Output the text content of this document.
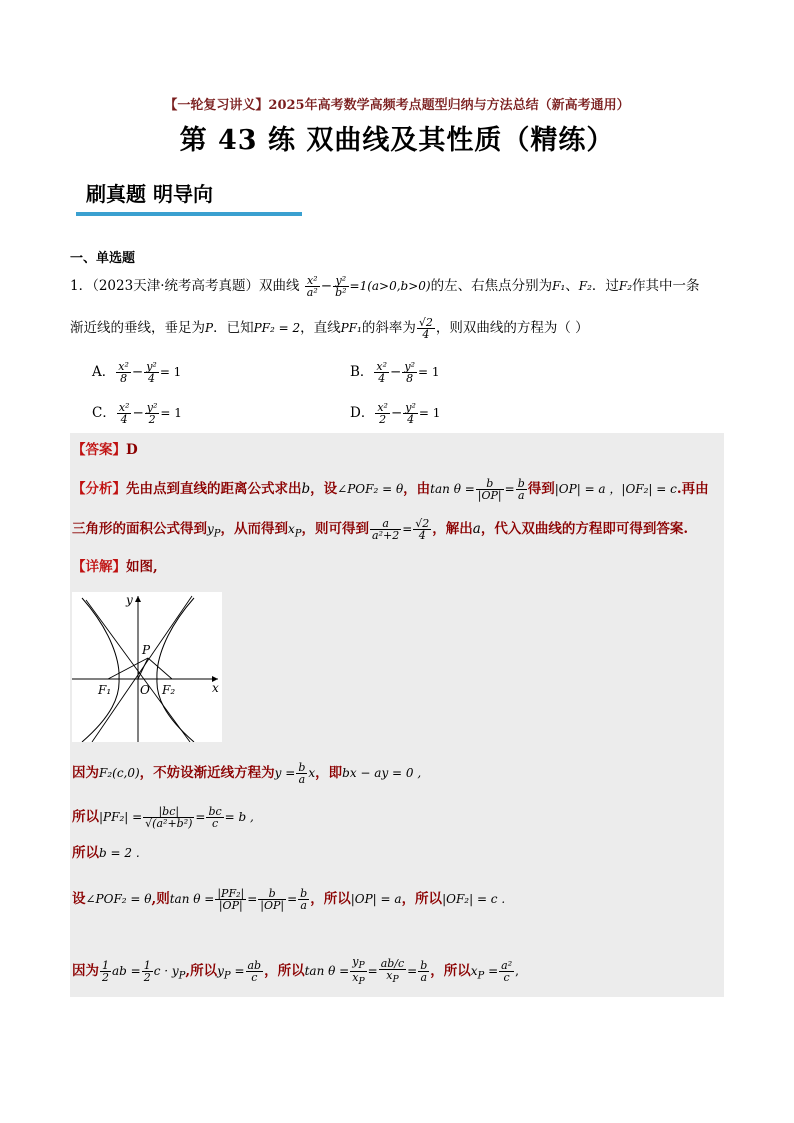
【一轮复习讲义】2025年高考数学高频考点题型归纳与方法总结（新高考通用）
第 43 练 双曲线及其性质（精练）
刷真题 明导向
一、单选题
1．（2023天津·统考高考真题）双曲线 $\frac{\text{x²}}{\text{a²}} - \frac{\text{y²}}{\text{b²}} =1(a>0,b>0)$的左、右焦点分别为F₁、F₂．过F₂作其中一条
渐近线的垂线，垂足为P．已知PF₂ = 2，直线PF₁的斜率为 $\frac{√2}{4}$ ，则双曲线的方程为（ ）
A． $\frac{\text{x²}}{8} - \frac{\text{y²}}{4} = 1$	B． $\frac{\text{x²}}{4} - \frac{\text{y²}}{8} = 1$
C． $\frac{\text{x²}}{4} - \frac{\text{y²}}{2} = 1$	D． $\frac{\text{x²}}{2} - \frac{\text{y²}}{4} = 1$
【答案】D
【分析】先由点到直线的距离公式求出b，设∠POF₂ = θ，由$\tan \theta = \frac{b}{|OP|} = \frac{b}{a}$ 得到|OP| = a ，|OF₂| = c.再由
三角形的面积公式得到$y_P$，从而得到$x_P$，则可得到 $\frac{a}{\text{a²+2}} = \frac{√2}{4}$ ，解出a，代入双曲线的方程即可得到答案.
【详解】如图,
y
x
P
O
F₁	F₂
因为F₂(c,0)，不妨设渐近线方程为$y = \frac{b}{a}$ x，即bx − ay = 0 ,
所以$|PF_2| = \frac{|bc|}{\text{√(a²+b²)}} = \frac{bc}{c} = b$ ,
所以b = 2 .
设∠POF₂ = θ,则$\tan \theta = \frac{\text{|PF₂|}}{|OP|} = \frac{b}{|OP|} = \frac{b}{a}$ ，所以|OP| = a，所以|OF₂| = c .
因为 $\frac{1}{2}$ ab = $\frac{1}{2}$ $c \cdot y_P$,所以$y_P = \frac{ab}{c}$ ，所以$\tan \theta = \frac{y_P}{x_P} = \frac{ab/c}{x_P} = \frac{b}{a}$ ，所以$x_P = \frac{\text{a²}}{c}$ ,
